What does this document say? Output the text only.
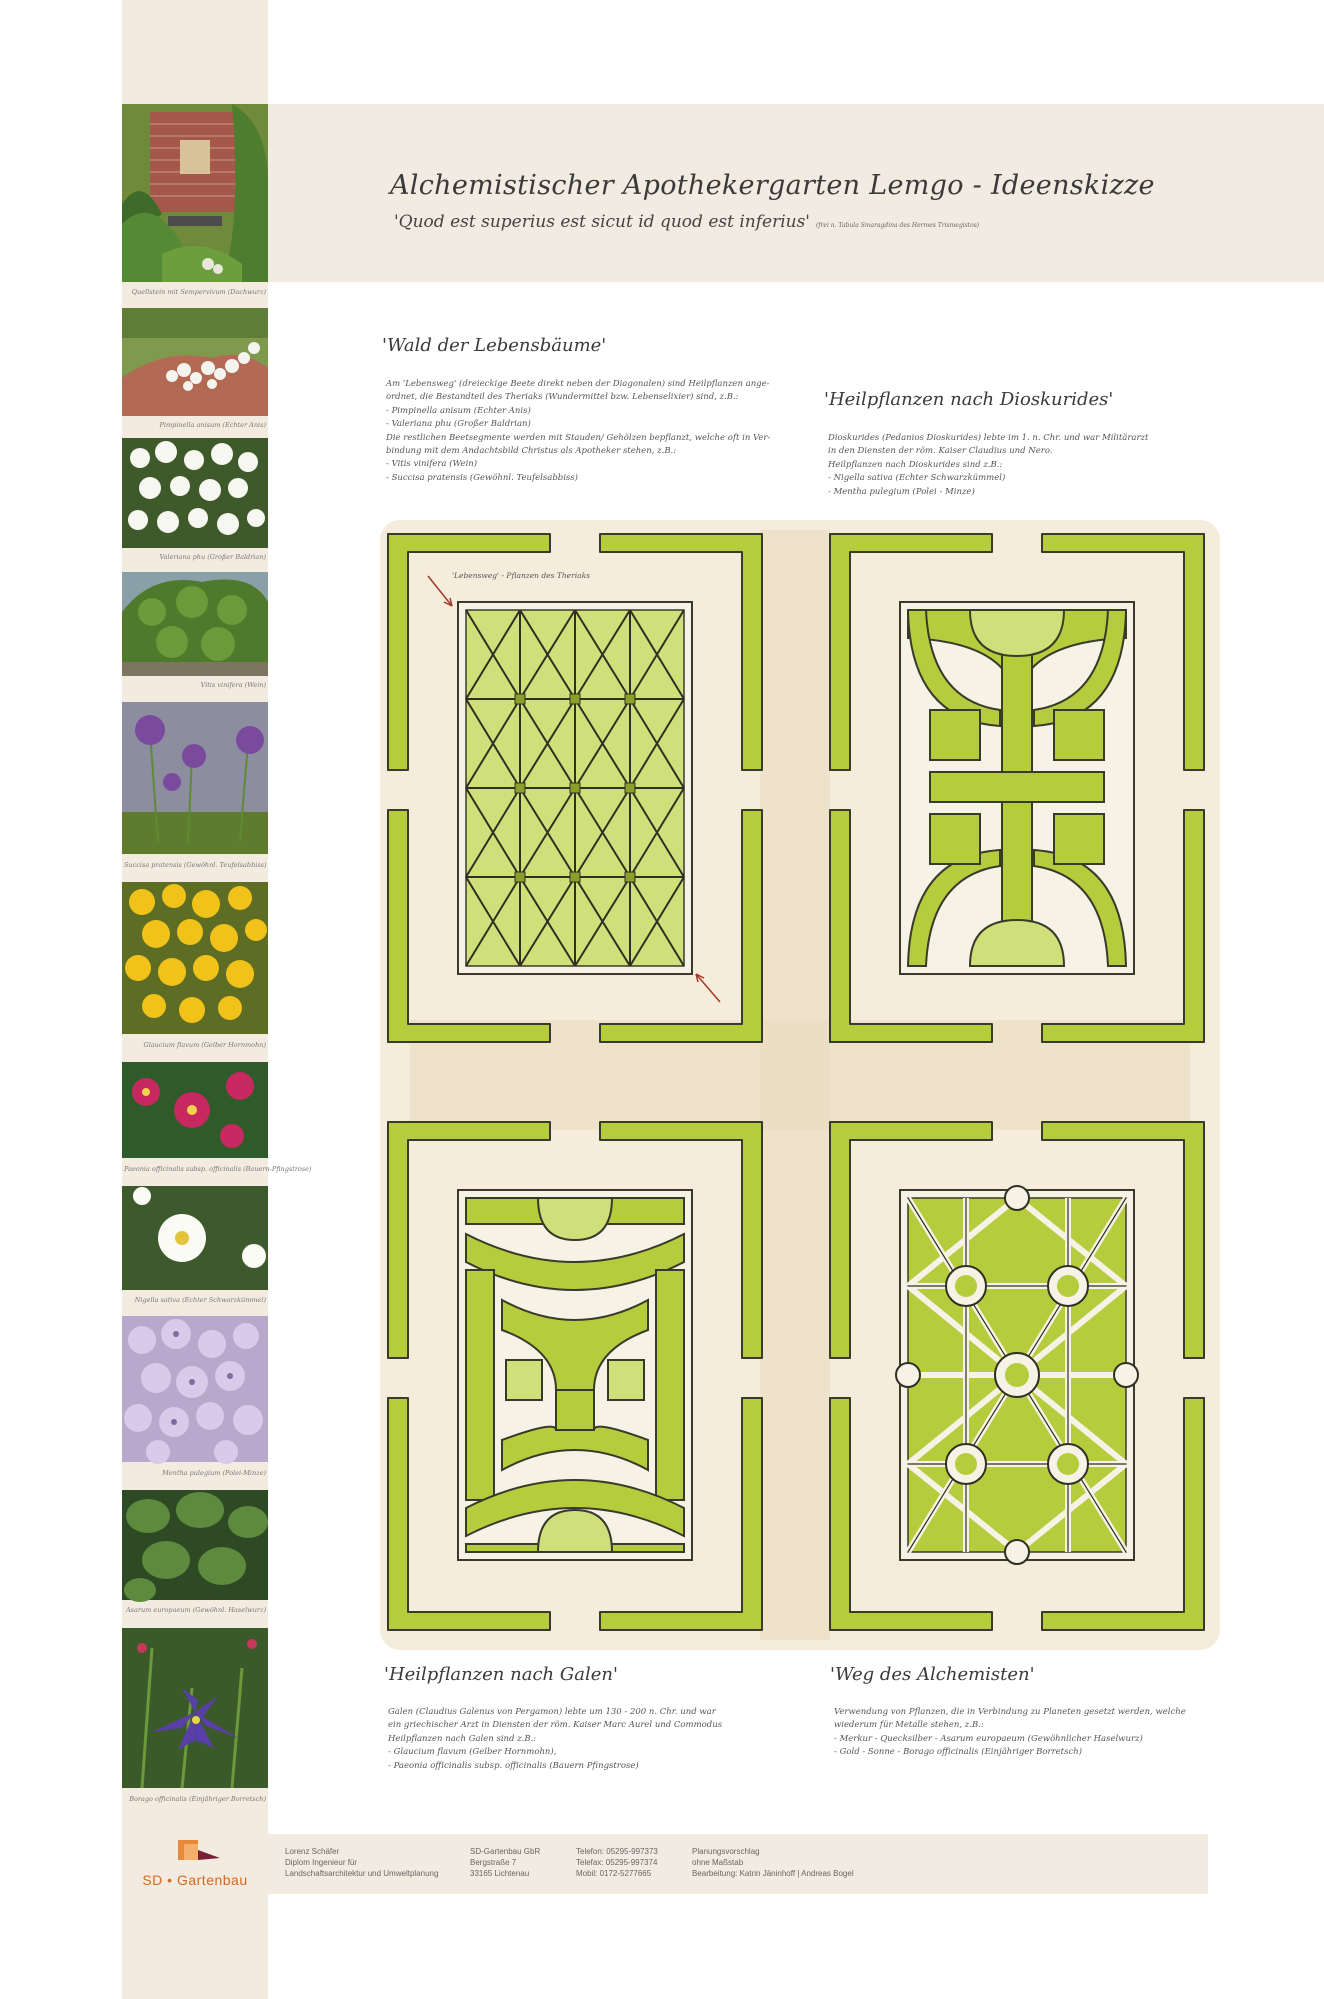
Alchemistischer Apothekergarten Lemgo - Ideenskizze
'Quod est superius est sicut id quod est inferius' (frei n. Tabula Smaragdina des Hermes Trismegistos)
Quellstein mit Sempervivum (Dachwurz)
Pimpinella anisum (Echter Anis)
Valeriana phu (Großer Baldrian)
Vitis vinifera (Wein)
Succisa pratensis (Gewöhnl. Teufelsabbiss)
Glaucium flavum (Gelber Hornmohn)
Paeonia officinalis subsp. officinalis (Bauern-Pfingstrose)
Nigella sativa (Echter Schwarzkümmel)
Mentha pulegium (Polei-Minze)
Asarum europaeum (Gewöhnl. Haselwurz)
Borago officinalis (Einjähriger Borretsch)
'Wald der Lebensbäume'
Am 'Lebensweg' (dreieckige Beete direkt neben der Diagonalen) sind Heilpflanzen ange-
ordnet, die Bestandteil des Theriaks (Wundermittel bzw. Lebenselixier) sind, z.B.:
- Pimpinella anisum (Echter Anis)
- Valeriana phu (Großer Baldrian)
Die restlichen Beetsegmente werden mit Stauden/ Gehölzen bepflanzt, welche oft in Ver-
bindung mit dem Andachtsbild Christus als Apotheker stehen, z.B.:
- Vitis vinifera (Wein)
- Succisa pratensis (Gewöhnl. Teufelsabbiss)
'Heilpflanzen nach Dioskurides'
Dioskurides (Pedanios Dioskurides) lebte im 1. n. Chr. und war Militärarzt
in den Diensten der röm. Kaiser Claudius und Nero.
Heilpflanzen nach Dioskurides sind z.B.:
- Nigella sativa (Echter Schwarzkümmel)
- Mentha pulegium (Polei - Minze)
'Heilpflanzen nach Galen'
Galen (Claudius Galenus von Pergamon) lebte um 130 - 200 n. Chr. und war
ein griechischer Arzt in Diensten der röm. Kaiser Marc Aurel und Commodus
Heilpflanzen nach Galen sind z.B.:
- Glaucium flavum (Gelber Hornmohn),
- Paeonia officinalis subsp. officinalis (Bauern Pfingstrose)
'Weg des Alchemisten'
Verwendung von Pflanzen, die in Verbindung zu Planeten gesetzt werden, welche
wiederum für Metalle stehen, z.B.:
- Merkur - Quecksilber - Asarum europaeum (Gewöhnlicher Haselwurz)
- Gold - Sonne - Borago officinalis (Einjähriger Borretsch)
'Lebensweg' - Pflanzen des Theriaks
SD • Gartenbau
Lorenz Schäfer
Diplom Ingenieur für
Landschaftsarchitektur und Umweltplanung
SD-Gartenbau GbR
Bergstraße 7
33165 Lichtenau
Telefon: 05295-997373
Telefax: 05295-997374
Mobil: 0172-5277665
Planungsvorschlag
ohne Maßstab
Bearbeitung: Katrin Jäninhoff | Andreas Bogel
